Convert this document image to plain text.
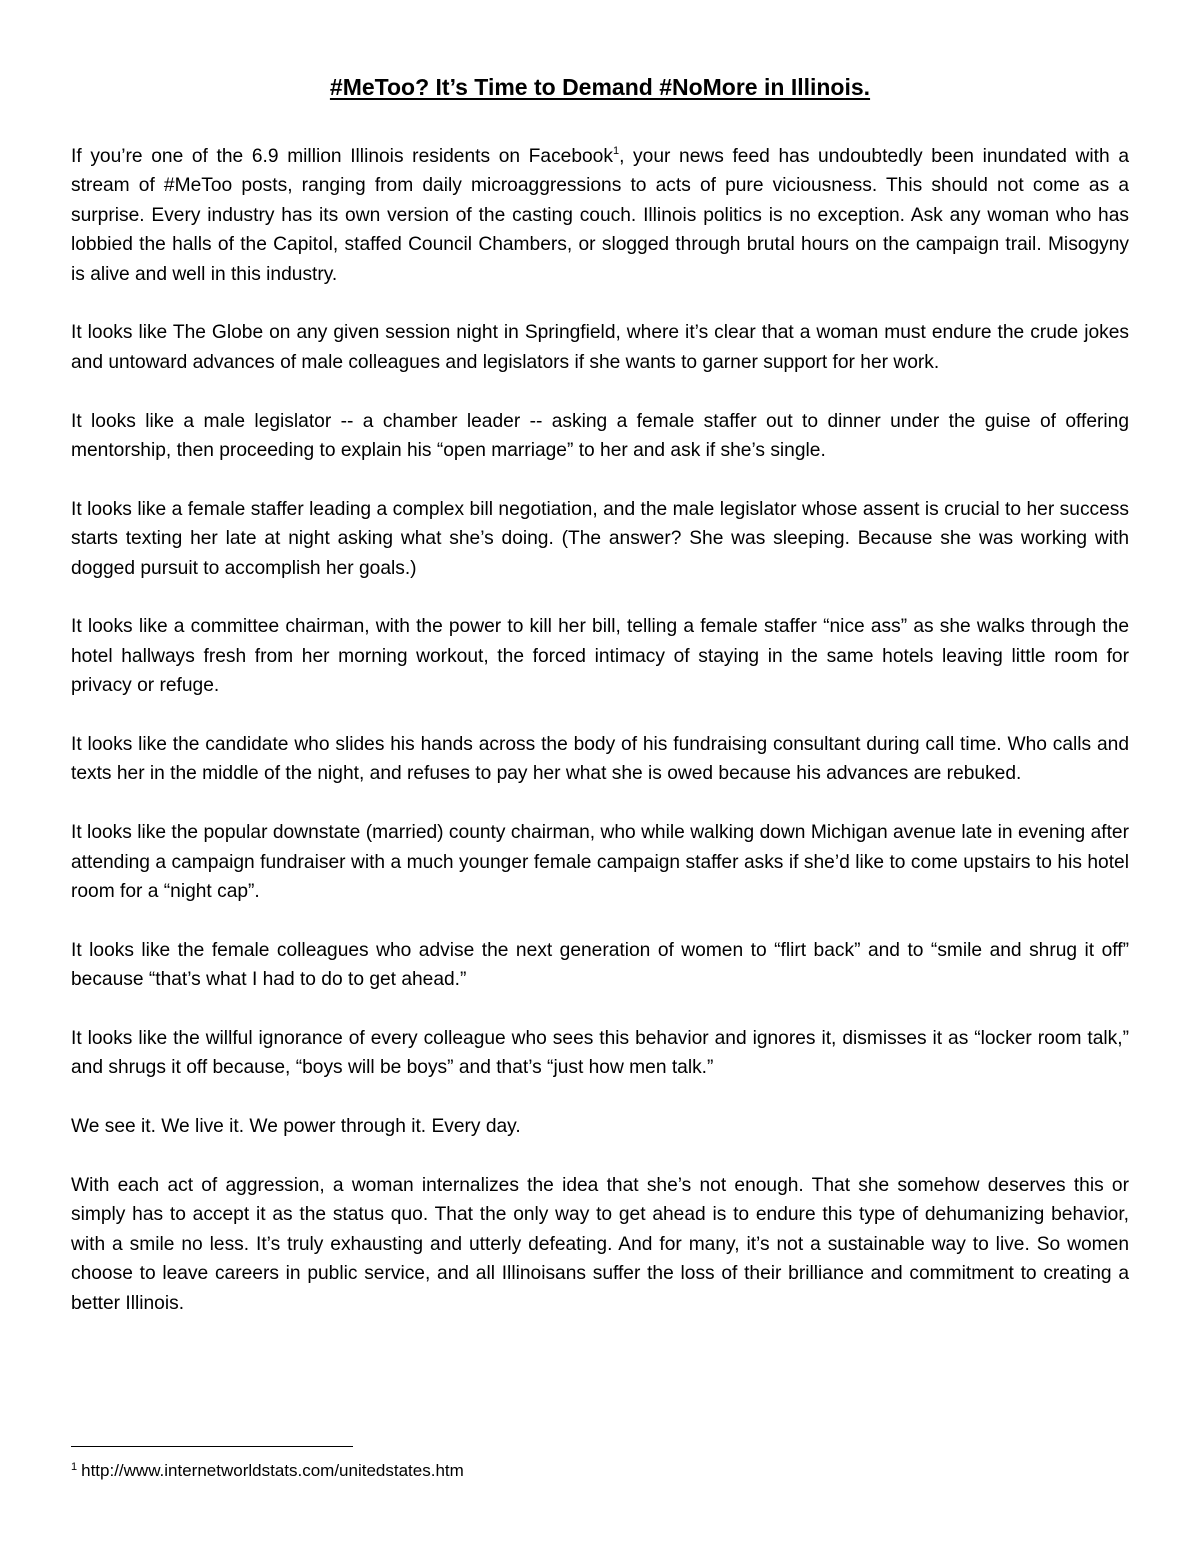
#MeToo? It’s Time to Demand #NoMore in Illinois.

If you’re one of the 6.9 million Illinois residents on Facebook$^1$, your news feed has undoubtedly been inundated with a stream of #MeToo posts, ranging from daily microaggressions to acts of pure viciousness. This should not come as a surprise. Every industry has its own version of the casting couch. Illinois politics is no exception. Ask any woman who has lobbied the halls of the Capitol, staffed Council Chambers, or slogged through brutal hours on the campaign trail. Misogyny is alive and well in this industry.

It looks like The Globe on any given session night in Springfield, where it’s clear that a woman must endure the crude jokes and untoward advances of male colleagues and legislators if she wants to garner support for her work.

It looks like a male legislator -- a chamber leader -- asking a female staffer out to dinner under the guise of offering mentorship, then proceeding to explain his “open marriage” to her and ask if she’s single.

It looks like a female staffer leading a complex bill negotiation, and the male legislator whose assent is crucial to her success starts texting her late at night asking what she’s doing. (The answer? She was sleeping. Because she was working with dogged pursuit to accomplish her goals.)

It looks like a committee chairman, with the power to kill her bill, telling a female staffer “nice ass” as she walks through the hotel hallways fresh from her morning workout, the forced intimacy of staying in the same hotels leaving little room for privacy or refuge.

It looks like the candidate who slides his hands across the body of his fundraising consultant during call time. Who calls and texts her in the middle of the night, and refuses to pay her what she is owed because his advances are rebuked.

It looks like the popular downstate (married) county chairman, who while walking down Michigan avenue late in evening after attending a campaign fundraiser with a much younger female campaign staffer asks if she’d like to come upstairs to his hotel room for a “night cap”.

It looks like the female colleagues who advise the next generation of women to “flirt back” and to “smile and shrug it off” because “that’s what I had to do to get ahead.”

It looks like the willful ignorance of every colleague who sees this behavior and ignores it, dismisses it as “locker room talk,” and shrugs it off because, “boys will be boys” and that’s “just how men talk.”

We see it. We live it. We power through it. Every day.

With each act of aggression, a woman internalizes the idea that she’s not enough. That she somehow deserves this or simply has to accept it as the status quo. That the only way to get ahead is to endure this type of dehumanizing behavior, with a smile no less. It’s truly exhausting and utterly defeating. And for many, it’s not a sustainable way to live. So women choose to leave careers in public service, and all Illinoisans suffer the loss of their brilliance and commitment to creating a better Illinois.

$^1$ http://www.internetworldstats.com/unitedstates.htm
